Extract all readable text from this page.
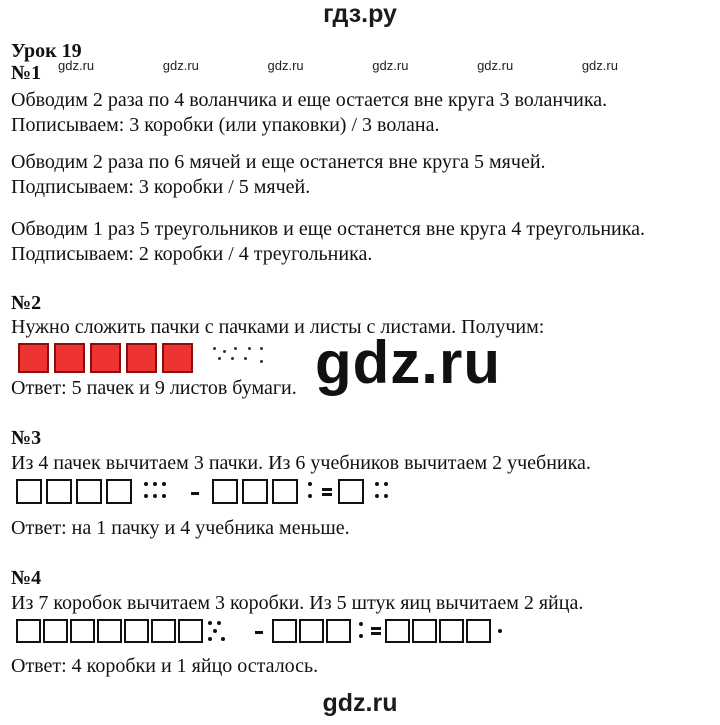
гдз.ру
Урок 19
gdz.ru	gdz.ru	gdz.ru	gdz.ru	gdz.ru	gdz.ru
№1
Обводим 2 раза по 4 воланчика и еще остается вне круга 3 воланчика.
Пописываем: 3 коробки (или упаковки) / 3 волана.
Обводим 2 раза по 6 мячей и еще останется вне круга 5 мячей.
Подписываем: 3 коробки / 5 мячей.
Обводим 1 раз 5 треугольников и еще останется вне круга 4 треугольника.
Подписываем: 2 коробки / 4 треугольника.
№2
Нужно сложить пачки с пачками и листы с листами. Получим:
gdz.ru
Ответ: 5 пачек и 9 листов бумаги.
№3
Из 4 пачек вычитаем 3 пачки. Из 6 учебников вычитаем 2 учебника.
Ответ: на 1 пачку и 4 учебника меньше.
№4
Из 7 коробок вычитаем 3 коробки. Из 5 штук яиц вычитаем 2 яйца.
Ответ: 4 коробки и 1 яйцо осталось.
gdz.ru
